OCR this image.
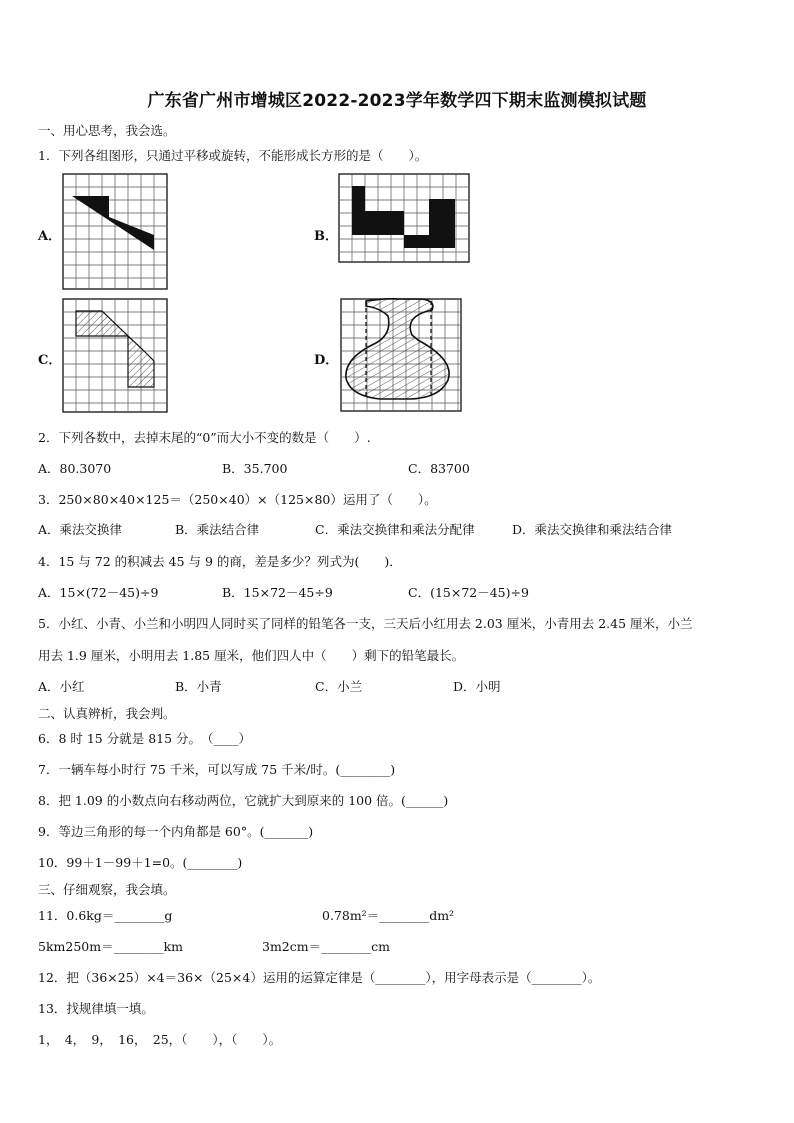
广东省广州市增城区2022-2023学年数学四下期末监测模拟试题
一、用心思考，我会选。
1．下列各组图形，只通过平移或旋转，不能形成长方形的是（　　）。
A．	B．
C．	D．
2．下列各数中，去掉末尾的“0”而大小不变的数是（　　）.
A．80.3070	B．35.700	C．83700
3．250×80×40×125＝（250×40）×（125×80）运用了（　　）。
A．乘法交换律	B．乘法结合律	C．乘法交换律和乘法分配律	D．乘法交换律和乘法结合律
4．15 与 72 的积减去 45 与 9 的商，差是多少？列式为(　　)．
A．15×(72－45)÷9	B．15×72－45÷9	C．(15×72－45)÷9
5．小红、小青、小兰和小明四人同时买了同样的铅笔各一支，三天后小红用去 2.03 厘米，小青用去 2.45 厘米，小兰
用去 1.9 厘米，小明用去 1.85 厘米，他们四人中（　　）剩下的铅笔最长。
A．小红	B．小青	C．小兰	D．小明
二、认真辨析，我会判。
6．8 时 15 分就是 815 分。　（____）
7．一辆车每小时行 75 千米，可以写成 75 千米/时。(________)
8．把 1.09 的小数点向右移动两位，它就扩大到原来的 100 倍。(______)
9．等边三角形的每一个内角都是 60°。(_______)
10．99＋1－99＋1=0。(________)
三、仔细观察，我会填。
11．0.6kg＝________g	0.78m²＝________dm²
5km250m＝________km	3m2cm＝________cm
12．把（36×25）×4＝36×（25×4）运用的运算定律是（________），用字母表示是（________）。
13．找规律填一填。
1，　4，　9，　16，　25，（　　），（　　）。
